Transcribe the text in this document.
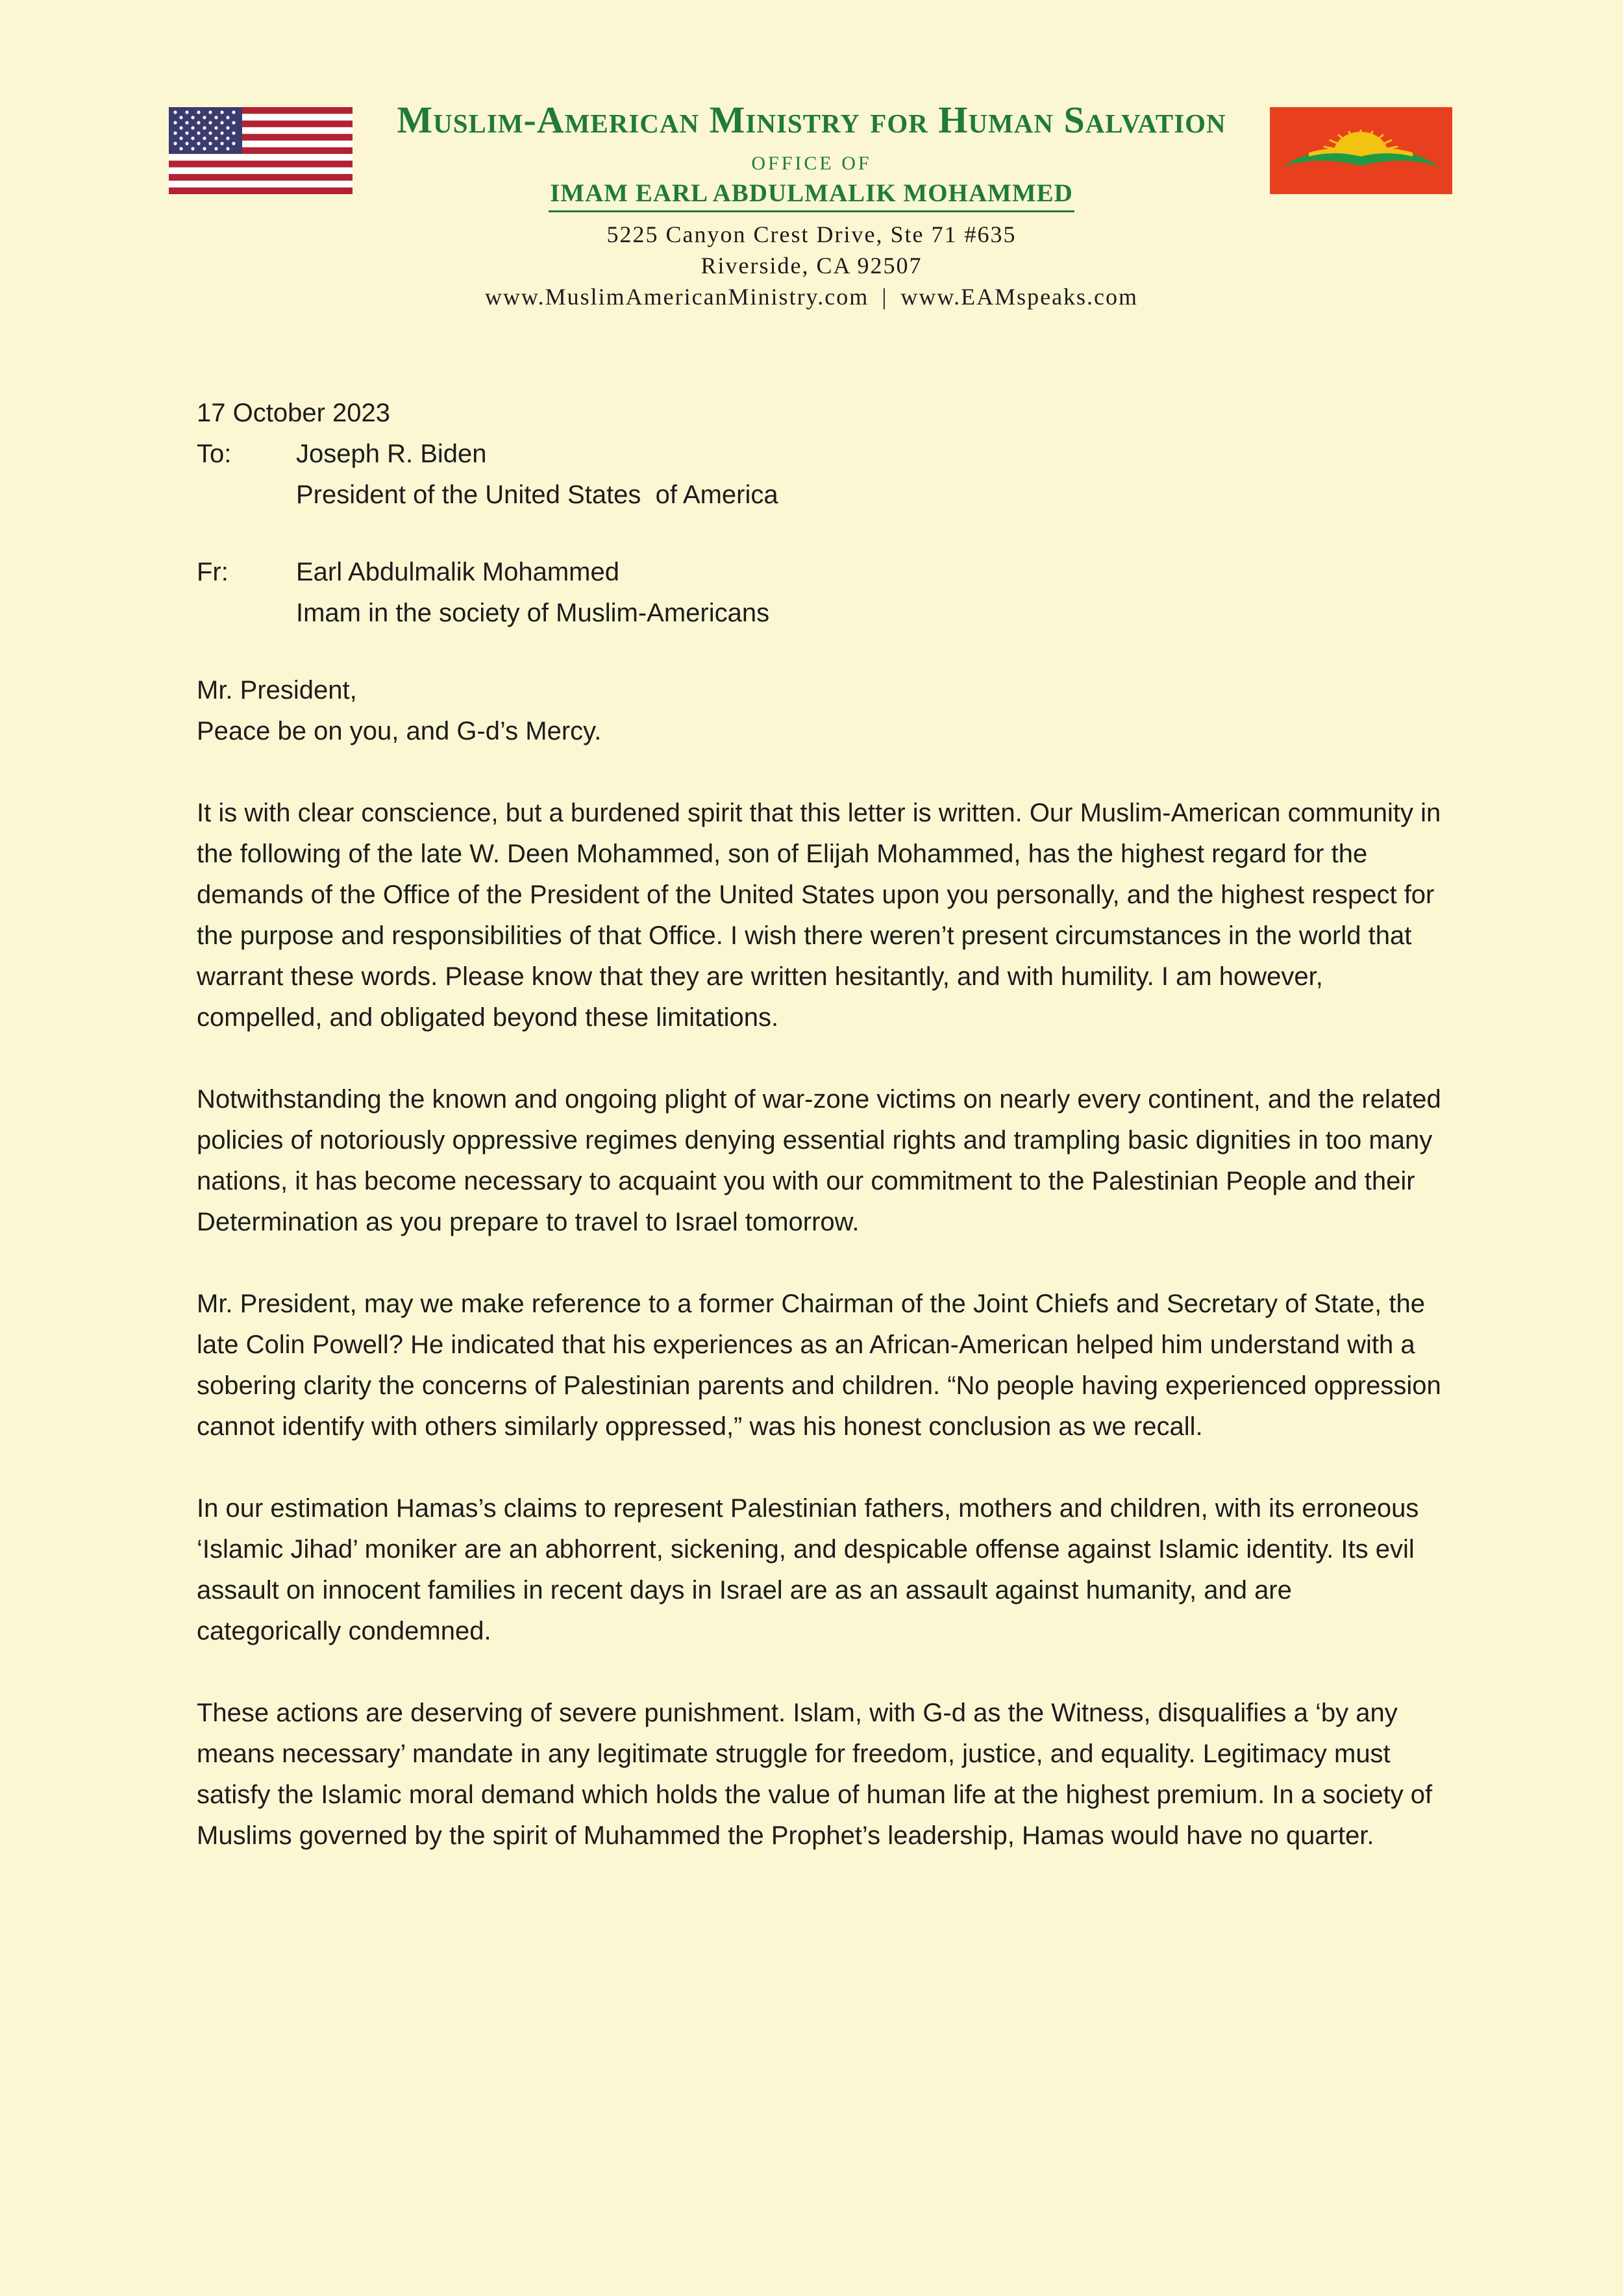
Muslim-American Ministry for Human Salvation
OFFICE OF
IMAM EARL ABDULMALIK MOHAMMED
5225 Canyon Crest Drive, Ste 71 #635
Riverside, CA 92507
www.MuslimAmericanMinistry.com | www.EAMspeaks.com

17 October 2023

To:	Joseph R. Biden
President of the United States  of America
Fr:	Earl Abdulmalik Mohammed
Imam in the society of Muslim-Americans

Mr. President,

Peace be on you, and G-d’s Mercy.

It is with clear conscience, but a burdened spirit that this letter is written. Our Muslim-American community in the following of the late W. Deen Mohammed, son of Elijah Mohammed, has the highest regard for the demands of the Office of the President of the United States upon you personally, and the highest respect for the purpose and responsibilities of that Office. I wish there weren’t present circumstances in the world that warrant these words. Please know that they are written hesitantly, and with humility. I am however, compelled, and obligated beyond these limitations.

Notwithstanding the known and ongoing plight of war-zone victims on nearly every continent, and the related policies of notoriously oppressive regimes denying essential rights and trampling basic dignities in too many nations, it has become necessary to acquaint you with our commitment to the Palestinian People and their Determination as you prepare to travel to Israel tomorrow.

Mr. President, may we make reference to a former Chairman of the Joint Chiefs and Secretary of State, the late Colin Powell? He indicated that his experiences as an African-American helped him understand with a sobering clarity the concerns of Palestinian parents and children. “No people having experienced oppression cannot identify with others similarly oppressed,” was his honest conclusion as we recall.

In our estimation Hamas’s claims to represent Palestinian fathers, mothers and children, with its erroneous ‘Islamic Jihad’ moniker are an abhorrent, sickening, and despicable offense against Islamic identity. Its evil assault on innocent families in recent days in Israel are as an assault against humanity, and are categorically condemned.

These actions are deserving of severe punishment. Islam, with G-d as the Witness, disqualifies a ‘by any means necessary’ mandate in any legitimate struggle for freedom, justice, and equality. Legitimacy must satisfy the Islamic moral demand which holds the value of human life at the highest premium. In a society of Muslims governed by the spirit of Muhammed the Prophet’s leadership, Hamas would have no quarter.
